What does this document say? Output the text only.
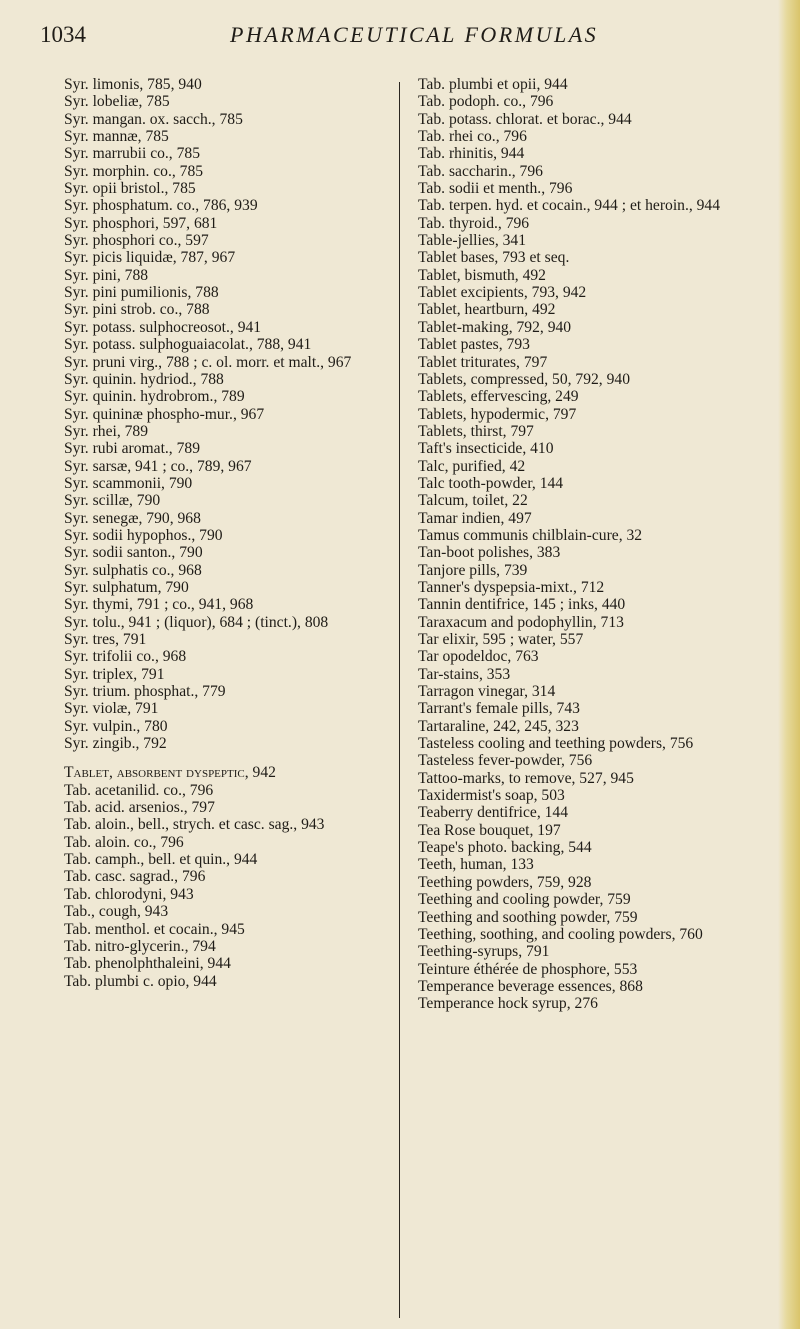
1034	PHARMACEUTICAL FORMULAS
Syr. limonis, 785, 940
Syr. lobeliæ, 785
Syr. mangan. ox. sacch., 785
Syr. mannæ, 785
Syr. marrubii co., 785
Syr. morphin. co., 785
Syr. opii bristol., 785
Syr. phosphatum. co., 786, 939
Syr. phosphori, 597, 681
Syr. phosphori co., 597
Syr. picis liquidæ, 787, 967
Syr. pini, 788
Syr. pini pumilionis, 788
Syr. pini strob. co., 788
Syr. potass. sulphocreosot., 941
Syr. potass. sulphoguaiacolat., 788, 941
Syr. pruni virg., 788 ; c. ol. morr. et malt., 967
Syr. quinin. hydriod., 788
Syr. quinin. hydrobrom., 789
Syr. quininæ phospho-mur., 967
Syr. rhei, 789
Syr. rubi aromat., 789
Syr. sarsæ, 941 ; co., 789, 967
Syr. scammonii, 790
Syr. scillæ, 790
Syr. senegæ, 790, 968
Syr. sodii hypophos., 790
Syr. sodii santon., 790
Syr. sulphatis co., 968
Syr. sulphatum, 790
Syr. thymi, 791 ; co., 941, 968
Syr. tolu., 941 ; (liquor), 684 ; (tinct.), 808
Syr. tres, 791
Syr. trifolii co., 968
Syr. triplex, 791
Syr. trium. phosphat., 779
Syr. violæ, 791
Syr. vulpin., 780
Syr. zingib., 792
Tablet, absorbent dyspeptic, 942
Tab. acetanilid. co., 796
Tab. acid. arsenios., 797
Tab. aloin., bell., strych. et casc. sag., 943
Tab. aloin. co., 796
Tab. camph., bell. et quin., 944
Tab. casc. sagrad., 796
Tab. chlorodyni, 943
Tab., cough, 943
Tab. menthol. et cocain., 945
Tab. nitro-glycerin., 794
Tab. phenolphthaleini, 944
Tab. plumbi c. opio, 944
Tab. plumbi et opii, 944
Tab. podoph. co., 796
Tab. potass. chlorat. et borac., 944
Tab. rhei co., 796
Tab. rhinitis, 944
Tab. saccharin., 796
Tab. sodii et menth., 796
Tab. terpen. hyd. et cocain., 944 ; et heroin., 944
Tab. thyroid., 796
Table-jellies, 341
Tablet bases, 793 et seq.
Tablet, bismuth, 492
Tablet excipients, 793, 942
Tablet, heartburn, 492
Tablet-making, 792, 940
Tablet pastes, 793
Tablet triturates, 797
Tablets, compressed, 50, 792, 940
Tablets, effervescing, 249
Tablets, hypodermic, 797
Tablets, thirst, 797
Taft's insecticide, 410
Talc, purified, 42
Talc tooth-powder, 144
Talcum, toilet, 22
Tamar indien, 497
Tamus communis chilblain-cure, 32
Tan-boot polishes, 383
Tanjore pills, 739
Tanner's dyspepsia-mixt., 712
Tannin dentifrice, 145 ; inks, 440
Taraxacum and podophyllin, 713
Tar elixir, 595 ; water, 557
Tar opodeldoc, 763
Tar-stains, 353
Tarragon vinegar, 314
Tarrant's female pills, 743
Tartaraline, 242, 245, 323
Tasteless cooling and teething powders, 756
Tasteless fever-powder, 756
Tattoo-marks, to remove, 527, 945
Taxidermist's soap, 503
Teaberry dentifrice, 144
Tea Rose bouquet, 197
Teape's photo. backing, 544
Teeth, human, 133
Teething powders, 759, 928
Teething and cooling powder, 759
Teething and soothing powder, 759
Teething, soothing, and cooling powders, 760
Teething-syrups, 791
Teinture éthérée de phosphore, 553
Temperance beverage essences, 868
Temperance hock syrup, 276
